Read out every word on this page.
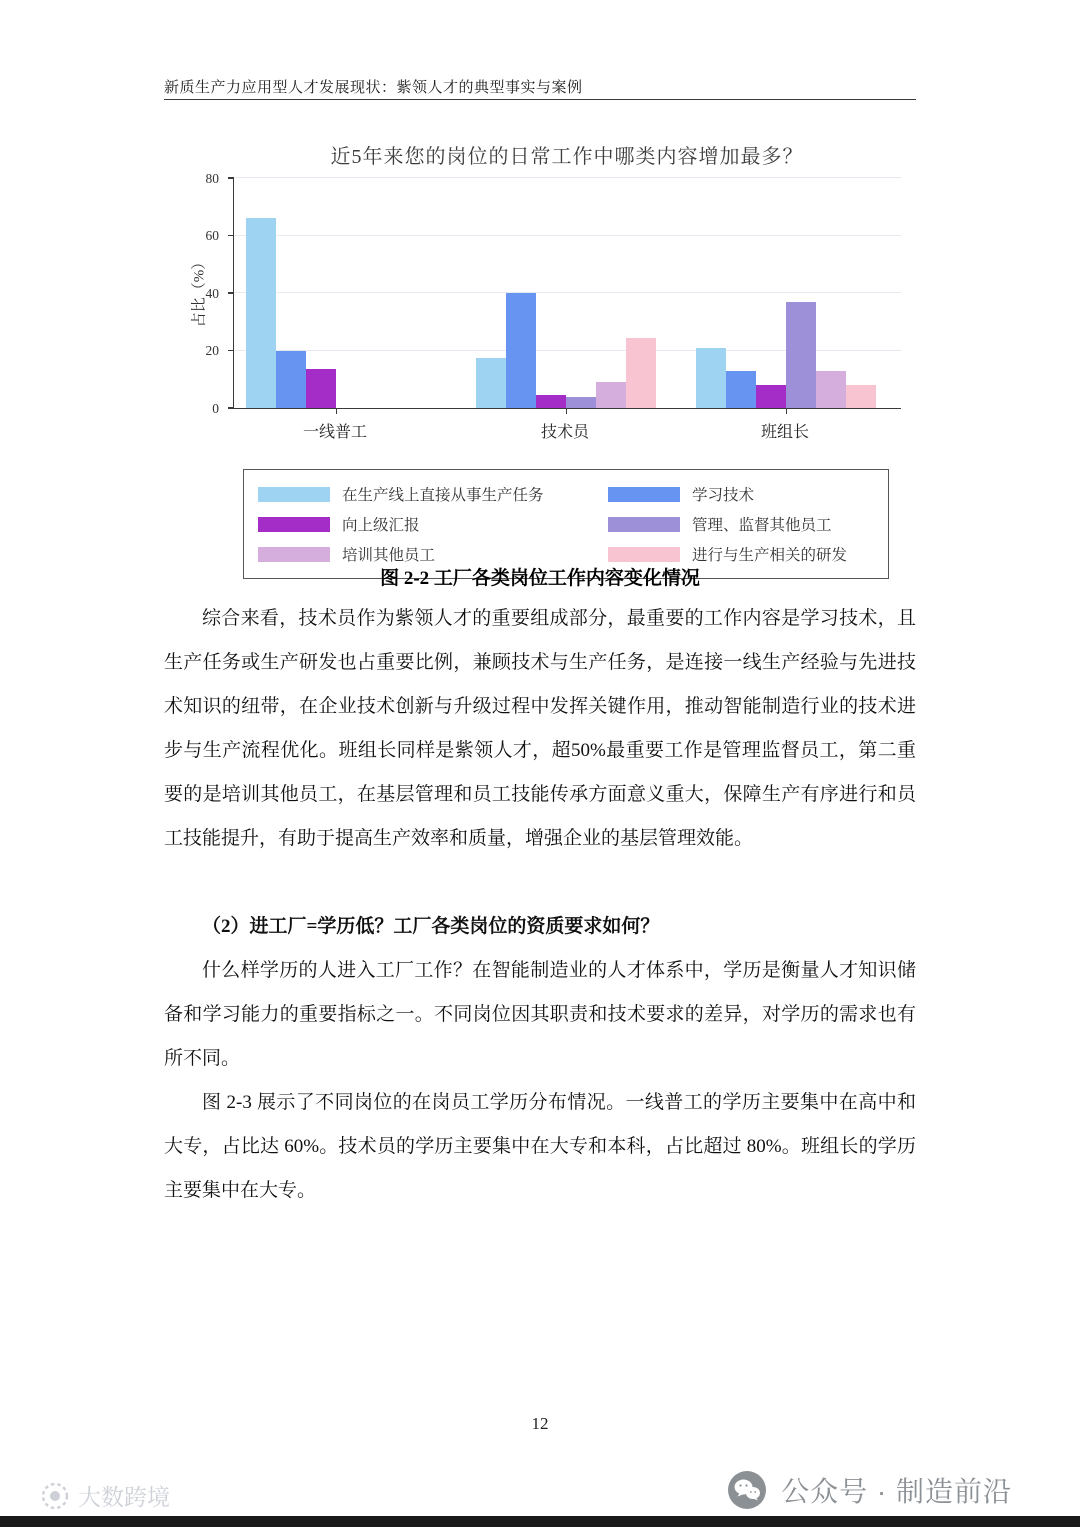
新质生产力应用型人才发展现状：紫领人才的典型事实与案例
近5年来您的岗位的日常工作中哪类内容增加最多？
占比（%）
0
20
40
60
80
一线普工	技术员	班组长
在生产线上直接从事生产任务	学习技术
向上级汇报	管理、监督其他员工
培训其他员工	进行与生产相关的研发
图 2-2 工厂各类岗位工作内容变化情况

综合来看，技术员作为紫领人才的重要组成部分，最重要的工作内容是学习技术，且生产任务或生产研发也占重要比例，兼顾技术与生产任务，是连接一线生产经验与先进技术知识的纽带，在企业技术创新与升级过程中发挥关键作用，推动智能制造行业的技术进步与生产流程优化。班组长同样是紫领人才，超50%最重要工作是管理监督员工，第二重要的是培训其他员工，在基层管理和员工技能传承方面意义重大，保障生产有序进行和员工技能提升，有助于提高生产效率和质量，增强企业的基层管理效能。

（2）进工厂=学历低？工厂各类岗位的资质要求如何？

什么样学历的人进入工厂工作？在智能制造业的人才体系中，学历是衡量人才知识储备和学习能力的重要指标之一。不同岗位因其职责和技术要求的差异，对学历的需求也有所不同。

图 2-3 展示了不同岗位的在岗员工学历分布情况。一线普工的学历主要集中在高中和大专，占比达 60%。技术员的学历主要集中在大专和本科，占比超过 80%。班组长的学历主要集中在大专。

12
大数跨境	公众号 · 制造前沿
